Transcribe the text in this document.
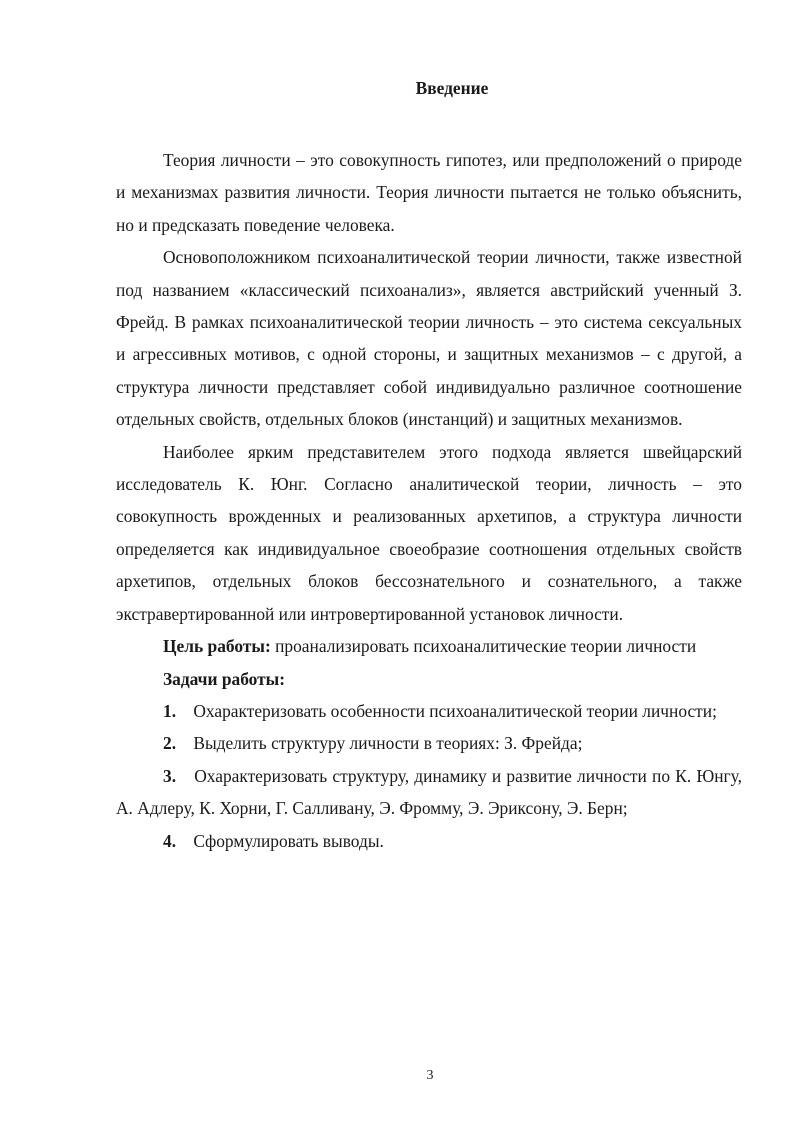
Введение

Теория личности – это совокупность гипотез, или предположений о природе и механизмах развития личности. Теория личности пытается не только объяснить, но и предсказать поведение человека.

Основоположником психоаналитической теории личности, также известной под названием «классический психоанализ», является австрийский ученный З. Фрейд. В рамках психоаналитической теории личность – это система сексуальных и агрессивных мотивов, с одной стороны, и защитных механизмов – с другой, а структура личности представляет собой индивидуально различное соотношение отдельных свойств, отдельных блоков (инстанций) и защитных механизмов.

Наиболее ярким представителем этого подхода является швейцарский исследователь К. Юнг. Согласно аналитической теории, личность – это совокупность врожденных и реализованных архетипов, а структура личности определяется как индивидуальное своеобразие соотношения отдельных свойств архетипов, отдельных блоков бессознательного и сознательного, а также экстравертированной или интровертированной установок личности.

Цель работы: проанализировать психоаналитические теории личности

Задачи работы:

1. Охарактеризовать особенности психоаналитической теории личности;

2. Выделить структуру личности в теориях: З. Фрейда;

3. Охарактеризовать структуру, динамику и развитие личности по К. Юнгу, А. Адлеру, К. Хорни, Г. Салливану, Э. Фромму, Э. Эриксону, Э. Берн;

4. Сформулировать выводы.

3
